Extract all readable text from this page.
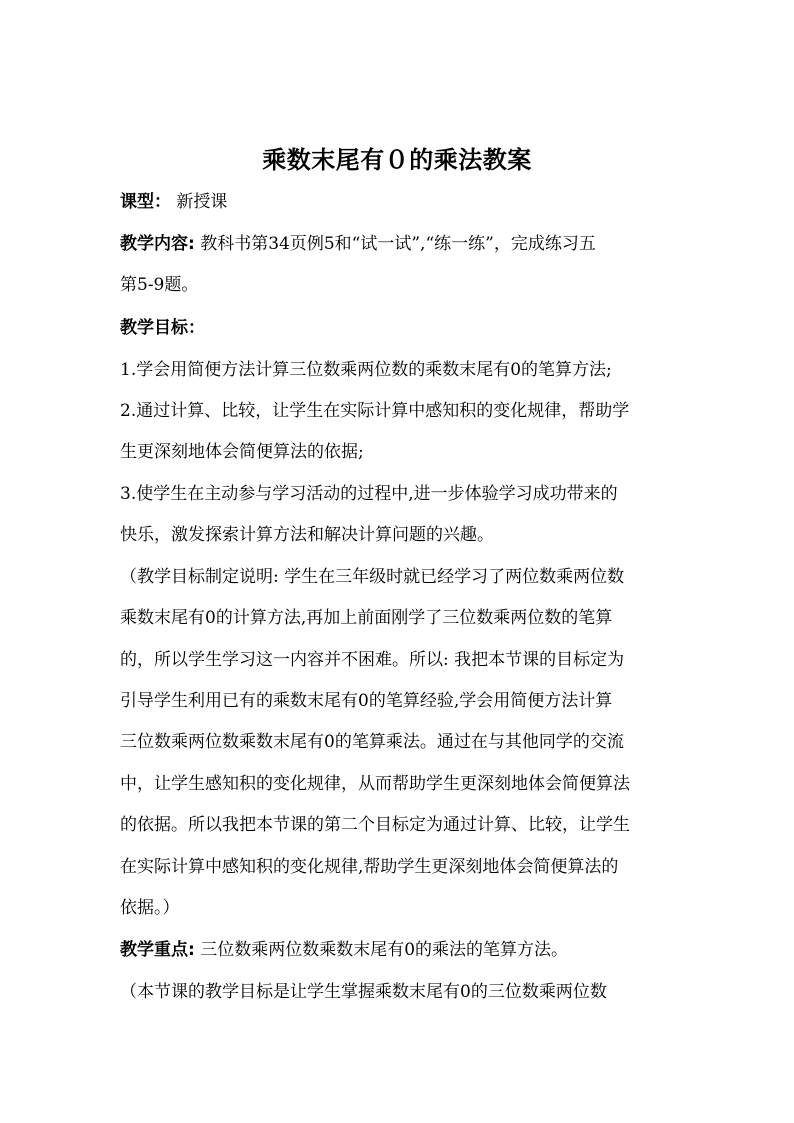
乘数末尾有０的乘法教案
课型： 新授课
教学内容: 教科书第34页例5和“试一试”,“练一练”，完成练习五
第5-9题。
教学目标：
1.学会用简便方法计算三位数乘两位数的乘数末尾有0的笔算方法;
2.通过计算、比较，让学生在实际计算中感知积的变化规律，帮助学
生更深刻地体会简便算法的依据;
3.使学生在主动参与学习活动的过程中,进一步体验学习成功带来的
快乐，激发探索计算方法和解决计算问题的兴趣。
（教学目标制定说明: 学生在三年级时就已经学习了两位数乘两位数
乘数末尾有0的计算方法,再加上前面刚学了三位数乘两位数的笔算
的，所以学生学习这一内容并不困难。所以: 我把本节课的目标定为
引导学生利用已有的乘数末尾有0的笔算经验,学会用简便方法计算
三位数乘两位数乘数末尾有0的笔算乘法。通过在与其他同学的交流
中，让学生感知积的变化规律，从而帮助学生更深刻地体会简便算法
的依据。所以我把本节课的第二个目标定为通过计算、比较，让学生
在实际计算中感知积的变化规律,帮助学生更深刻地体会简便算法的
依据。）
教学重点: 三位数乘两位数乘数末尾有0的乘法的笔算方法。
（本节课的教学目标是让学生掌握乘数末尾有0的三位数乘两位数
